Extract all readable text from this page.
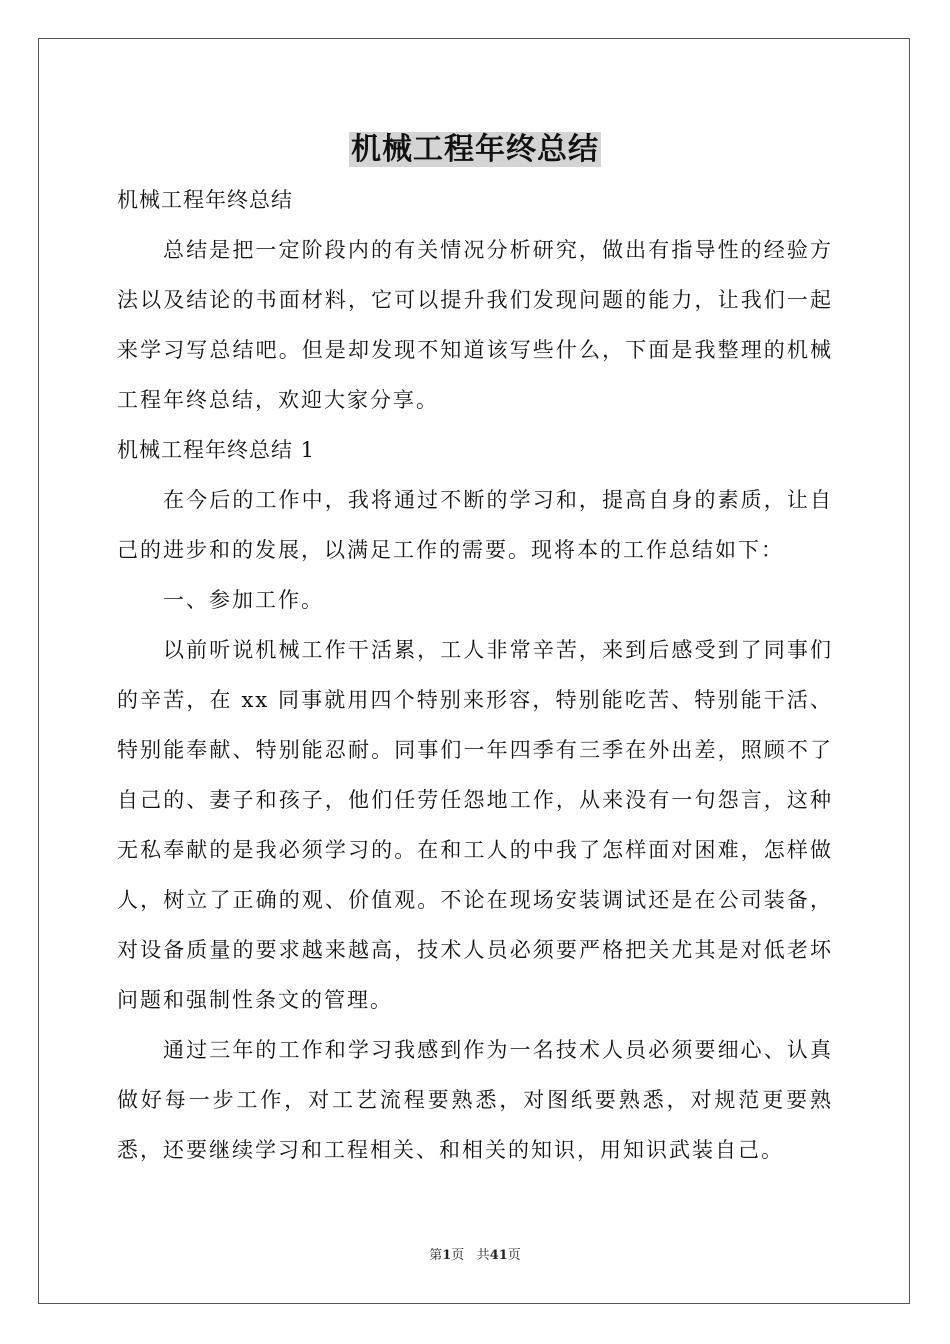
机械工程年终总结

机械工程年终总结

总结是把一定阶段内的有关情况分析研究，做出有指导性的经验方法以及结论的书面材料，它可以提升我们发现问题的能力，让我们一起来学习写总结吧。但是却发现不知道该写些什么，下面是我整理的机械工程年终总结，欢迎大家分享。

机械工程年终总结 1

在今后的工作中，我将通过不断的学习和，提高自身的素质，让自己的进步和的发展，以满足工作的需要。现将本的工作总结如下：

一、参加工作。

以前听说机械工作干活累，工人非常辛苦，来到后感受到了同事们的辛苦，在 xx 同事就用四个特别来形容，特别能吃苦、特别能干活、特别能奉献、特别能忍耐。同事们一年四季有三季在外出差，照顾不了自己的、妻子和孩子，他们任劳任怨地工作，从来没有一句怨言，这种无私奉献的是我必须学习的。在和工人的中我了怎样面对困难，怎样做人，树立了正确的观、价值观。不论在现场安装调试还是在公司装备，对设备质量的要求越来越高，技术人员必须要严格把关尤其是对低老坏问题和强制性条文的管理。

通过三年的工作和学习我感到作为一名技术人员必须要细心、认真做好每一步工作，对工艺流程要熟悉，对图纸要熟悉，对规范更要熟悉，还要继续学习和工程相关、和相关的知识，用知识武装自己。

第1页 共41页
